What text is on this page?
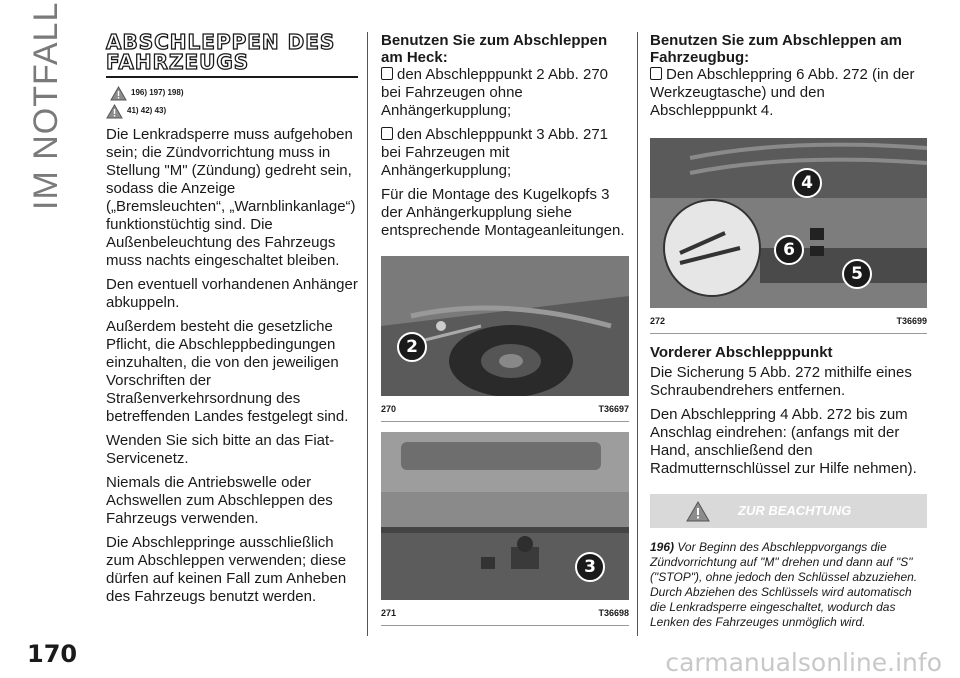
IM NOTFALL
170	carmanualsonline.info
ABSCHLEPPEN DES
FAHRZEUGS
196) 197) 198)
41) 42) 43)

Die Lenkradsperre muss aufgehoben sein; die Zündvorrichtung muss in Stellung "M" (Zündung) gedreht sein, sodass die Anzeige („Bremsleuchten“, „Warnblinkanlage“) funktionstüchtig sind. Die Außenbeleuchtung des Fahrzeugs muss nachts eingeschaltet bleiben.

Den eventuell vorhandenen Anhänger abkuppeln.

Außerdem besteht die gesetzliche Pflicht, die Abschleppbedingungen einzuhalten, die von den jeweiligen Vorschriften der Straßenverkehrsordnung des betreffenden Landes festgelegt sind.

Wenden Sie sich bitte an das Fiat-Servicenetz.

Niemals die Antriebswelle oder Achswellen zum Abschleppen des Fahrzeugs verwenden.

Die Abschleppringe ausschließlich zum Abschleppen verwenden; diese dürfen auf keinen Fall zum Anheben des Fahrzeugs benutzt werden.

Benutzen Sie zum Abschleppen am Heck:

den Abschlepppunkt 2 Abb. 270 bei Fahrzeugen ohne Anhängerkupplung;

den Abschlepppunkt 3 Abb. 271 bei Fahrzeugen mit Anhängerkupplung;

Für die Montage des Kugelkopfs 3 der Anhängerkupplung siehe entsprechende Montageanleitungen.

2
270	T36697
3
271	T36698
Benutzen Sie zum Abschleppen am Fahrzeugbug:

Den Abschleppring 6 Abb. 272 (in der Werkzeugtasche) und den Abschlepppunkt 4.

4
6
5
272	T36699
Vorderer Abschlepppunkt

Die Sicherung 5 Abb. 272 mithilfe eines Schraubendrehers entfernen.

Den Abschleppring 4 Abb. 272 bis zum Anschlag eindrehen: (anfangs mit der Hand, anschließend den Radmutternschlüssel zur Hilfe nehmen).

ZUR BEACHTUNG
196) Vor Beginn des Abschleppvorgangs die Zündvorrichtung auf "M" drehen und dann auf "S" ("STOP"), ohne jedoch den Schlüssel abzuziehen. Durch Abziehen des Schlüssels wird automatisch die Lenkradsperre eingeschaltet, wodurch das Lenken des Fahrzeuges unmöglich wird.
